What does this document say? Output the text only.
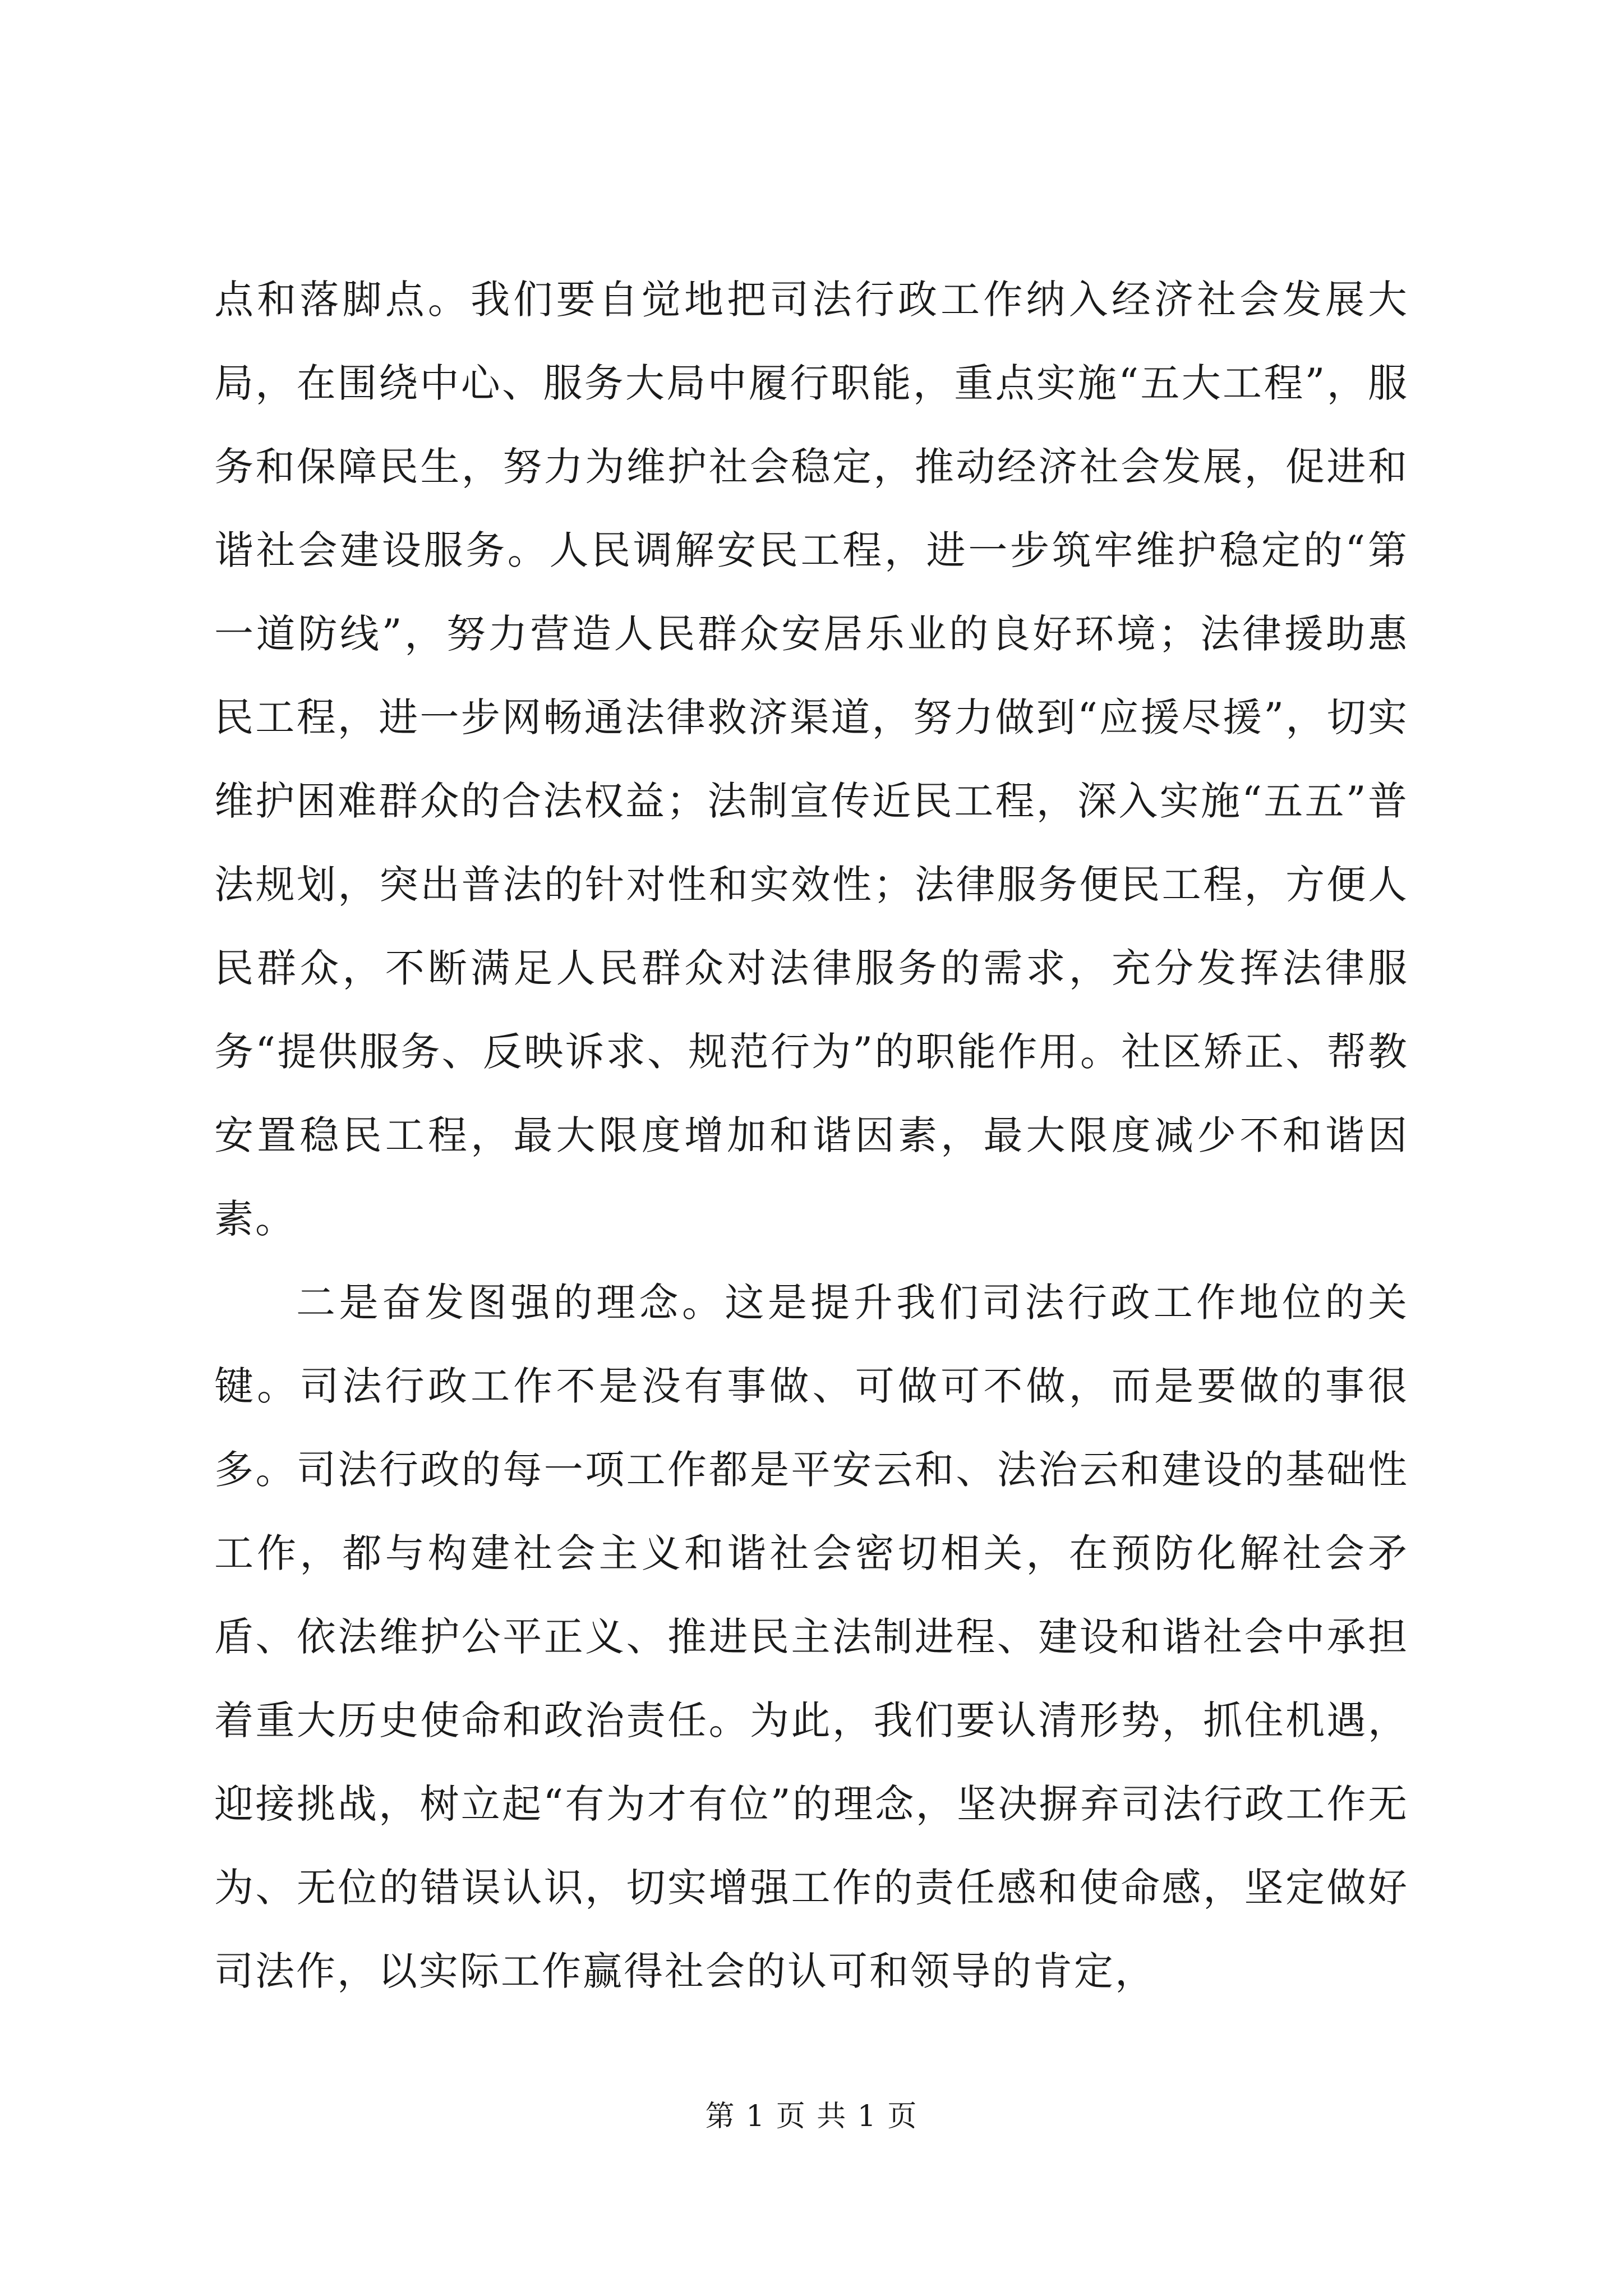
点和落脚点。我们要自觉地把司法行政工作纳入经济社会发展大局，在围绕中心、服务大局中履行职能，重点实施“五大工程”，服务和保障民生，努力为维护社会稳定，推动经济社会发展，促进和谐社会建设服务。人民调解安民工程，进一步筑牢维护稳定的“第一道防线”，努力营造人民群众安居乐业的良好环境；法律援助惠民工程，进一步网畅通法律救济渠道，努力做到“应援尽援”，切实维护困难群众的合法权益；法制宣传近民工程，深入实施“五五”普法规划，突出普法的针对性和实效性；法律服务便民工程，方便人民群众，不断满足人民群众对法律服务的需求，充分发挥法律服务“提供服务、反映诉求、规范行为”的职能作用。社区矫正、帮教安置稳民工程，最大限度增加和谐因素，最大限度减少不和谐因素。

二是奋发图强的理念。这是提升我们司法行政工作地位的关键。司法行政工作不是没有事做、可做可不做，而是要做的事很多。司法行政的每一项工作都是平安云和、法治云和建设的基础性工作，都与构建社会主义和谐社会密切相关，在预防化解社会矛盾、依法维护公平正义、推进民主法制进程、建设和谐社会中承担着重大历史使命和政治责任。为此，我们要认清形势，抓住机遇，迎接挑战，树立起“有为才有位”的理念，坚决摒弃司法行政工作无为、无位的错误认识，切实增强工作的责任感和使命感，坚定做好司法作，以实际工作赢得社会的认可和领导的肯定，

第 1 页 共 1 页
